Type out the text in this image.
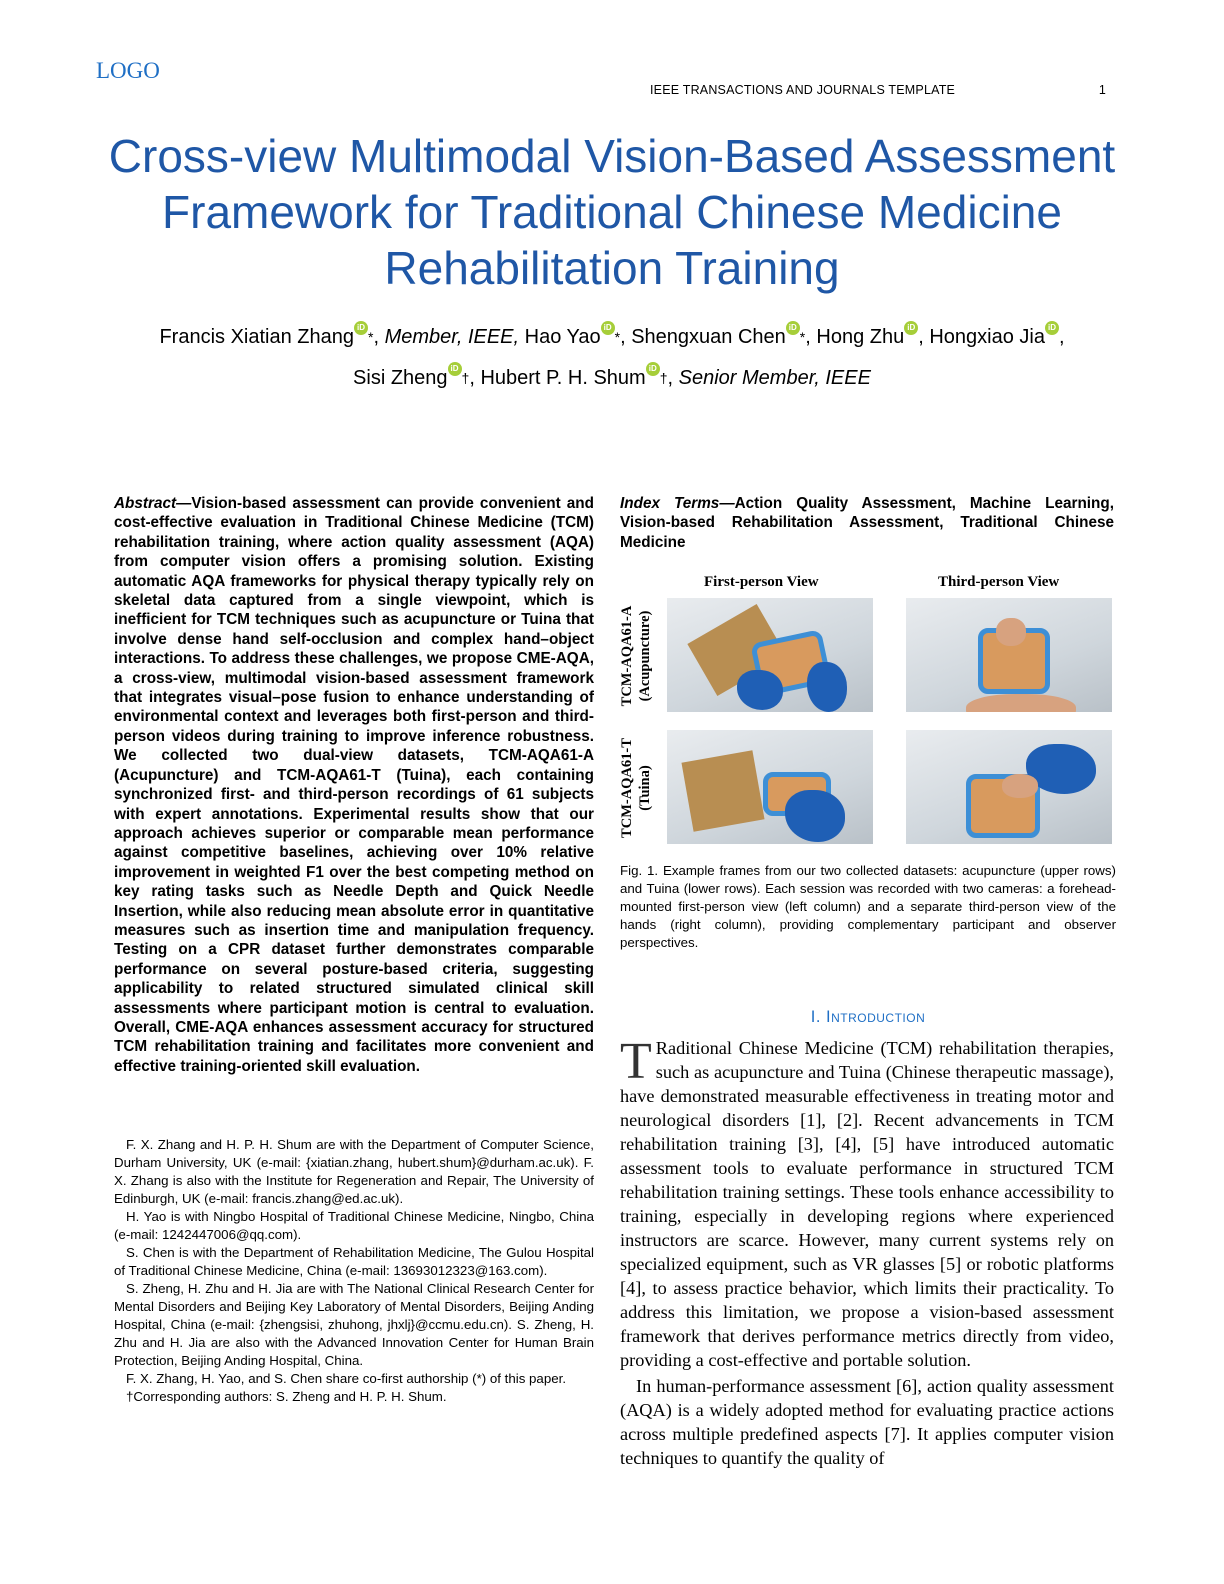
LOGO
IEEE TRANSACTIONS AND JOURNALS TEMPLATE	1
Cross-view Multimodal Vision-Based Assessment Framework for Traditional Chinese Medicine Rehabilitation Training
Francis Xiatian Zhang iD*, Member, IEEE, Hao Yao iD*, Shengxuan Chen iD*, Hong Zhu iD , Hongxiao Jia iD ,
Sisi Zheng iD†, Hubert P. H. Shum iD†, Senior Member, IEEE
Abstract—Vision-based assessment can provide convenient and cost-effective evaluation in Traditional Chinese Medicine (TCM) rehabilitation training, where action quality assessment (AQA) from computer vision offers a promising solution. Existing automatic AQA frameworks for physical therapy typically rely on skeletal data captured from a single viewpoint, which is inefficient for TCM techniques such as acupuncture or Tuina that involve dense hand self-occlusion and complex hand–object interactions. To address these challenges, we propose CME-AQA, a cross-view, multimodal vision-based assessment framework that integrates visual–pose fusion to enhance understanding of environmental context and leverages both first-person and third-person videos during training to improve inference robustness. We collected two dual-view datasets, TCM-AQA61-A (Acupuncture) and TCM-AQA61-T (Tuina), each containing synchronized first- and third-person recordings of 61 subjects with expert annotations. Experimental results show that our approach achieves superior or comparable mean performance against competitive baselines, achieving over 10% relative improvement in weighted F1 over the best competing method on key rating tasks such as Needle Depth and Quick Needle Insertion, while also reducing mean absolute error in quantitative measures such as insertion time and manipulation frequency. Testing on a CPR dataset further demonstrates comparable performance on several posture-based criteria, suggesting applicability to related structured simulated clinical skill assessments where participant motion is central to evaluation. Overall, CME-AQA enhances assessment accuracy for structured TCM rehabilitation training and facilitates more convenient and effective training-oriented skill evaluation.
Index Terms—Action Quality Assessment, Machine Learning, Vision-based Rehabilitation Assessment, Traditional Chinese Medicine

F. X. Zhang and H. P. H. Shum are with the Department of Computer Science, Durham University, UK (e-mail: {xiatian.zhang, hubert.shum}@durham.ac.uk). F. X. Zhang is also with the Institute for Regeneration and Repair, The University of Edinburgh, UK (e-mail: francis.zhang@ed.ac.uk).

H. Yao is with Ningbo Hospital of Traditional Chinese Medicine, Ningbo, China (e-mail: 1242447006@qq.com).

S. Chen is with the Department of Rehabilitation Medicine, The Gulou Hospital of Traditional Chinese Medicine, China (e-mail: 13693012323@163.com).

S. Zheng, H. Zhu and H. Jia are with The National Clinical Research Center for Mental Disorders and Beijing Key Laboratory of Mental Disorders, Beijing Anding Hospital, China (e-mail: {zhengsisi, zhuhong, jhxlj}@ccmu.edu.cn). S. Zheng, H. Zhu and H. Jia are also with the Advanced Innovation Center for Human Brain Protection, Beijing Anding Hospital, China.

F. X. Zhang, H. Yao, and S. Chen share co-first authorship (*) of this paper.

†Corresponding authors: S. Zheng and H. P. H. Shum.

First-person View	Third-person View
TCM-AQA61-A (Acupuncture)
TCM-AQA61-T (Tuina)
Fig. 1. Example frames from our two collected datasets: acupuncture (upper rows) and Tuina (lower rows). Each session was recorded with two cameras: a forehead-mounted first-person view (left column) and a separate third-person view of the hands (right column), providing complementary participant and observer perspectives.
I. Introduction

T Raditional Chinese Medicine (TCM) rehabilitation therapies, such as acupuncture and Tuina (Chinese therapeutic massage), have demonstrated measurable effectiveness in treating motor and neurological disorders [1], [2]. Recent advancements in TCM rehabilitation training [3], [4], [5] have introduced automatic assessment tools to evaluate performance in structured TCM rehabilitation training settings. These tools enhance accessibility to training, especially in developing regions where experienced instructors are scarce. However, many current systems rely on specialized equipment, such as VR glasses [5] or robotic platforms [4], to assess practice behavior, which limits their practicality. To address this limitation, we propose a vision-based assessment framework that derives performance metrics directly from video, providing a cost-effective and portable solution.

In human-performance assessment [6], action quality assessment (AQA) is a widely adopted method for evaluating practice actions across multiple predefined aspects [7]. It applies computer vision techniques to quantify the quality of
